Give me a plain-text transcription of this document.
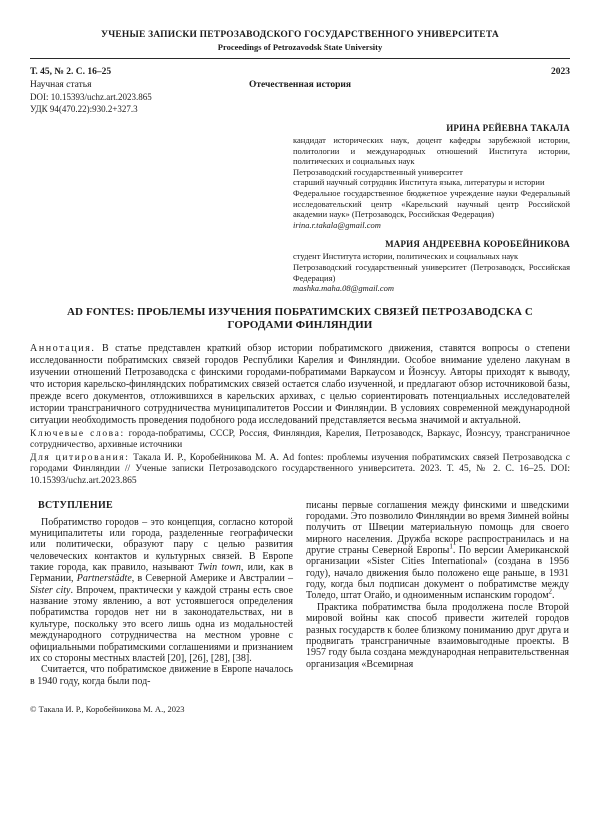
УЧЕНЫЕ ЗАПИСКИ ПЕТРОЗАВОДСКОГО ГОСУДАРСТВЕННОГО УНИВЕРСИТЕТА
Proceedings of Petrozavodsk State University
Т. 45, № 2. С. 16–25	2023
Научная статья	Отечественная история
DOI: 10.15393/uchz.art.2023.865
УДК 94(470.22):930.2+327.3
ИРИНА РЕЙЕВНА ТАКАЛА
кандидат исторических наук, доцент кафедры зарубежной истории, политологии и международных отношений Института истории, политических и социальных наук
Петрозаводский государственный университет
старший научный сотрудник Института языка, литературы и истории
Федеральное государственное бюджетное учреждение науки Федеральный исследовательский центр «Карельский научный центр Российской академии наук» (Петрозаводск, Российская Федерация)
irina.r.takala@gmail.com
МАРИЯ АНДРЕЕВНА КОРОБЕЙНИКОВА
студент Института истории, политических и социальных наук
Петрозаводский государственный университет (Петрозаводск, Российская Федерация)
mashka.maha.08@gmail.com
AD FONTES: ПРОБЛЕМЫ ИЗУЧЕНИЯ ПОБРАТИМСКИХ СВЯЗЕЙ ПЕТРОЗАВОДСКА С ГОРОДАМИ ФИНЛЯНДИИ

Аннотация. В статье представлен краткий обзор истории побратимского движения, ставятся вопросы о степени исследованности побратимских связей городов Республики Карелия и Финляндии. Особое внимание уделено лакунам в изучении отношений Петрозаводска с финскими городами-побратимами Варкаусом и Йоэнсуу. Авторы приходят к выводу, что история карельско-финляндских побратимских связей остается слабо изученной, и предлагают обзор источниковой базы, прежде всего документов, отложившихся в карельских архивах, с целью сориентировать потенциальных исследователей истории трансграничного сотрудничества муниципалитетов России и Финляндии. В условиях современной международной ситуации необходимость проведения подобного рода исследований представляется весьма значимой и актуальной.

Ключевые слова: города-побратимы, СССР, Россия, Финляндия, Карелия, Петрозаводск, Варкаус, Йоэнсуу, трансграничное сотрудничество, архивные источники

Для цитирования: Такала И. Р., Коробейникова М. А. Ad fontes: проблемы изучения побратимских связей Петрозаводска с городами Финляндии // Ученые записки Петрозаводского государственного университета. 2023. Т. 45, № 2. С. 16–25. DOI: 10.15393/uchz.art.2023.865

ВСТУПЛЕНИЕ

Побратимство городов – это концепция, согласно которой муниципалитеты или города, разделенные географически или политически, образуют пару с целью развития человеческих контактов и культурных связей. В Европе такие города, как правило, называют Twin town, или, как в Германии, Partnerstädte, в Северной Америке и Австралии – Sister city. Впрочем, практически у каждой страны есть свое название этому явлению, а вот устоявшегося определения побратимства городов нет ни в законодательствах, ни в культуре, поскольку это всего лишь одна из модальностей международного сотрудничества на местном уровне с официальными побратимскими соглашениями и признанием их со стороны местных властей [20], [26], [28], [38].

Считается, что побратимское движение в Европе началось в 1940 году, когда были под-

© Такала И. Р., Коробейникова М. А., 2023

писаны первые соглашения между финскими и шведскими городами. Это позволило Финляндии во время Зимней войны получить от Швеции материальную помощь для своего мирного населения. Дружба вскоре распространилась и на другие страны Северной Европы$^1$. По версии Американской организации «Sister Cities International» (создана в 1956 году), начало движения было положено еще раньше, в 1931 году, когда был подписан документ о побратимстве между Толедо, штат Огайо, и одноименным испанским городом$^2$.

Практика побратимства была продолжена после Второй мировой войны как способ привести жителей городов разных государств к более близкому пониманию друг друга и продвигать трансграничные взаимовыгодные проекты. В 1957 году была создана международная неправительственная организация «Всемирная
